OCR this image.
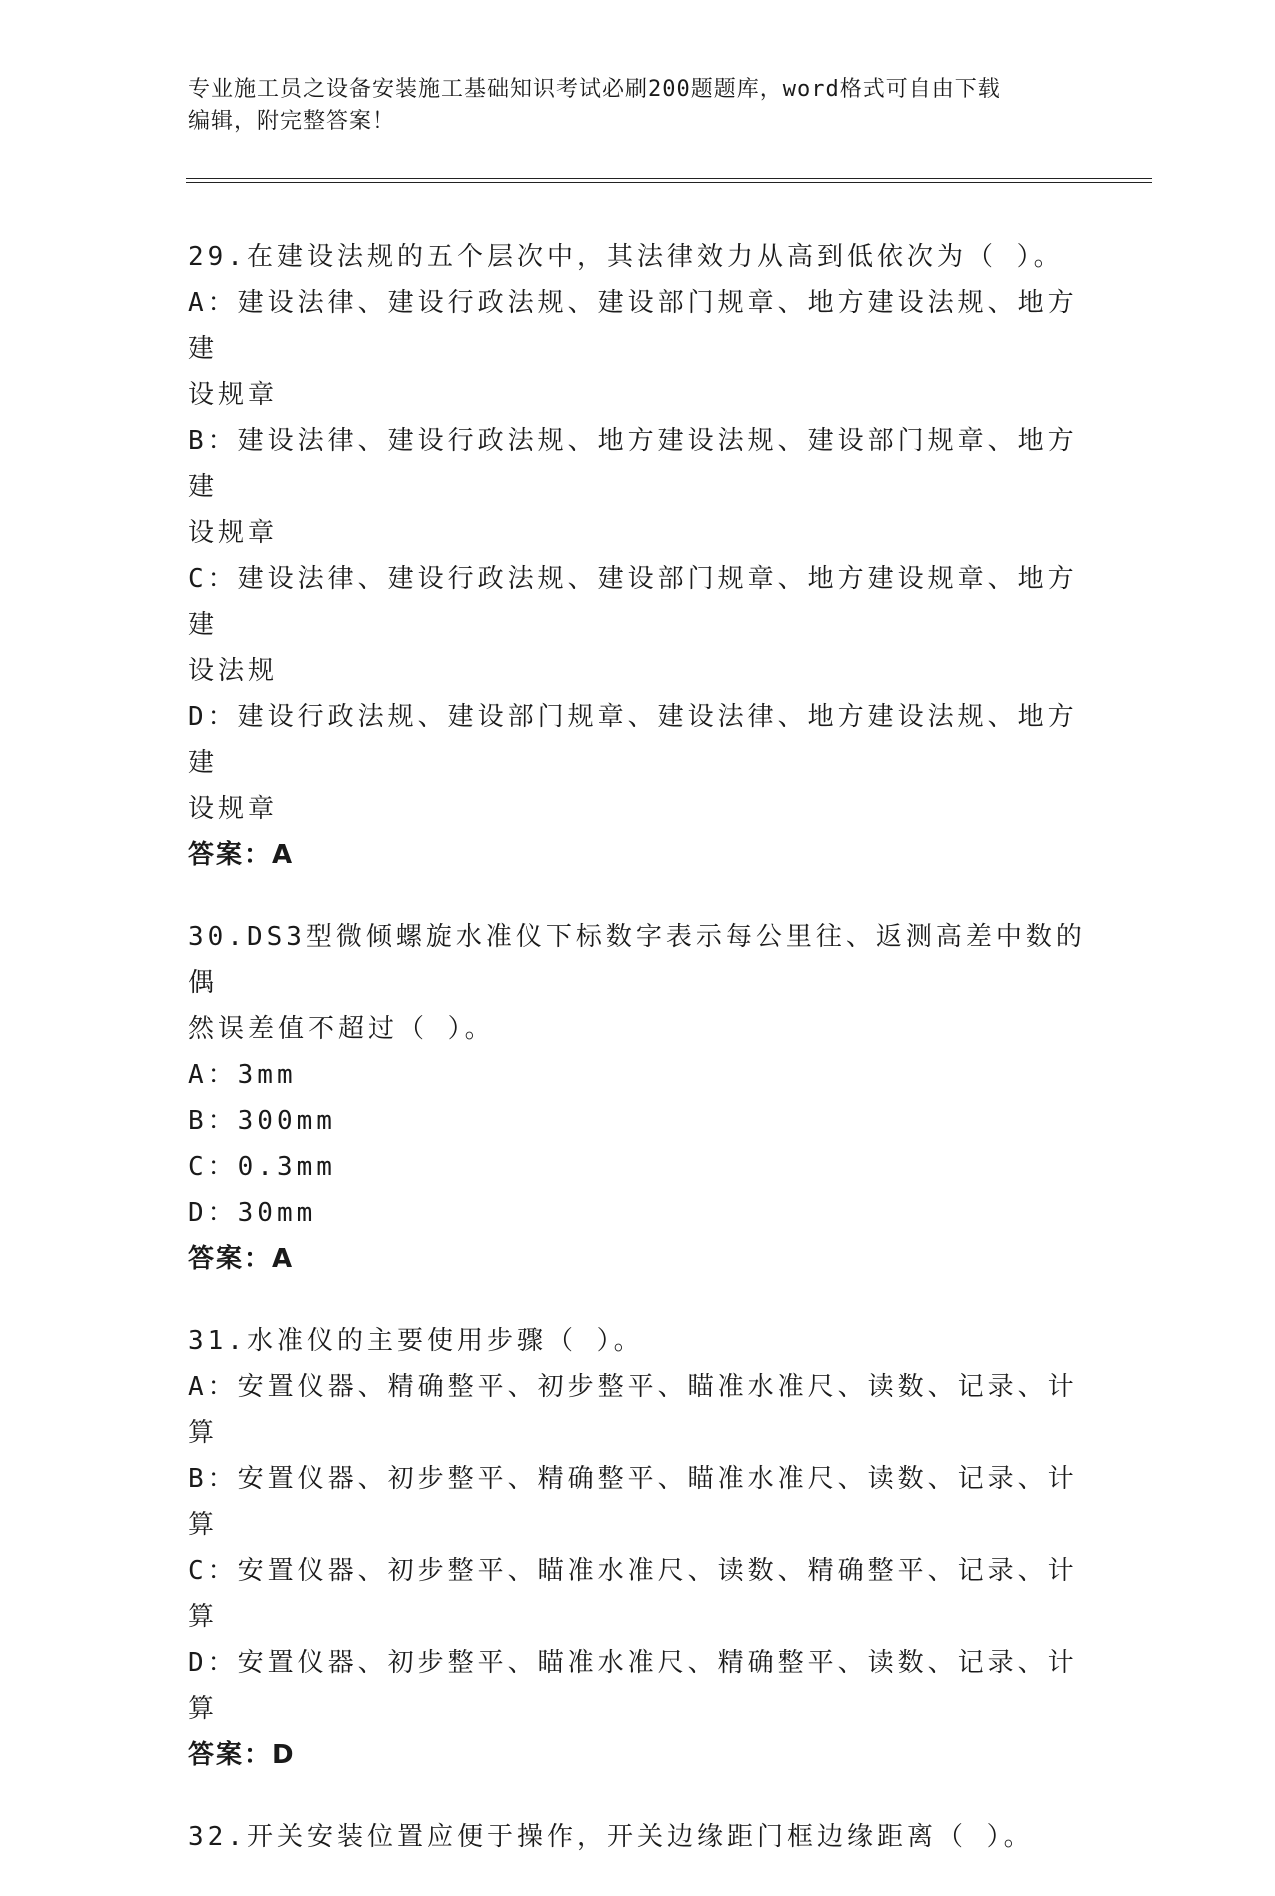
专业施工员之设备安装施工基础知识考试必刷200题题库，word格式可自由下载
编辑，附完整答案！

29.在建设法规的五个层次中，其法律效力从高到低依次为（ ）。

A：建设法律、建设行政法规、建设部门规章、地方建设法规、地方建

设规章

B：建设法律、建设行政法规、地方建设法规、建设部门规章、地方建

设规章

C：建设法律、建设行政法规、建设部门规章、地方建设规章、地方建

设法规

D：建设行政法规、建设部门规章、建设法律、地方建设法规、地方建

设规章

答案：A

30.DS3型微倾螺旋水准仪下标数字表示每公里往、返测高差中数的偶

然误差值不超过（ ）。

A：3mm

B：300mm

C：0.3mm

D：30mm

答案：A

31.水准仪的主要使用步骤（ ）。

A：安置仪器、精确整平、初步整平、瞄准水准尺、读数、记录、计算

B：安置仪器、初步整平、精确整平、瞄准水准尺、读数、记录、计算

C：安置仪器、初步整平、瞄准水准尺、读数、精确整平、记录、计算

D：安置仪器、初步整平、瞄准水准尺、精确整平、读数、记录、计算

答案：D

32.开关安装位置应便于操作，开关边缘距门框边缘距离（ ）。
